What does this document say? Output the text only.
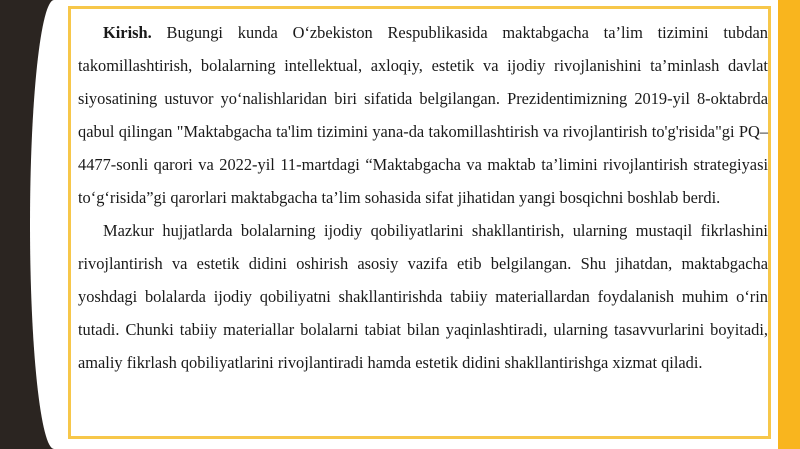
Kirish. Bugungi kunda O‘zbekiston Respublikasida maktabgacha ta’lim tizimini tubdan takomillashtirish, bolalarning intellektual, axloqiy, estetik va ijodiy rivojlanishini ta’minlash davlat siyosatining ustuvor yo‘nalishlaridan biri sifatida belgilangan. Prezidentimizning 2019-yil 8-oktabrda qabul qilingan "Maktabgacha ta'lim tizimini yana-da takomillashtirish va rivojlantirish to'g'risida"gi PQ–4477-sonli qarori va 2022-yil 11-martdagi “Maktabgacha va maktab ta’limini rivojlantirish strategiyasi to‘g‘risida”gi qarorlari maktabgacha ta’lim sohasida sifat jihatidan yangi bosqichni boshlab berdi.

Mazkur hujjatlarda bolalarning ijodiy qobiliyatlarini shakllantirish, ularning mustaqil fikrlashini rivojlantirish va estetik didini oshirish asosiy vazifa etib belgilangan. Shu jihatdan, maktabgacha yoshdagi bolalarda ijodiy qobiliyatni shakllantirishda tabiiy materiallardan foydalanish muhim o‘rin tutadi. Chunki tabiiy materiallar bolalarni tabiat bilan yaqinlashtiradi, ularning tasavvurlarini boyitadi, amaliy fikrlash qobiliyatlarini rivojlantiradi hamda estetik didini shakllantirishga xizmat qiladi.
